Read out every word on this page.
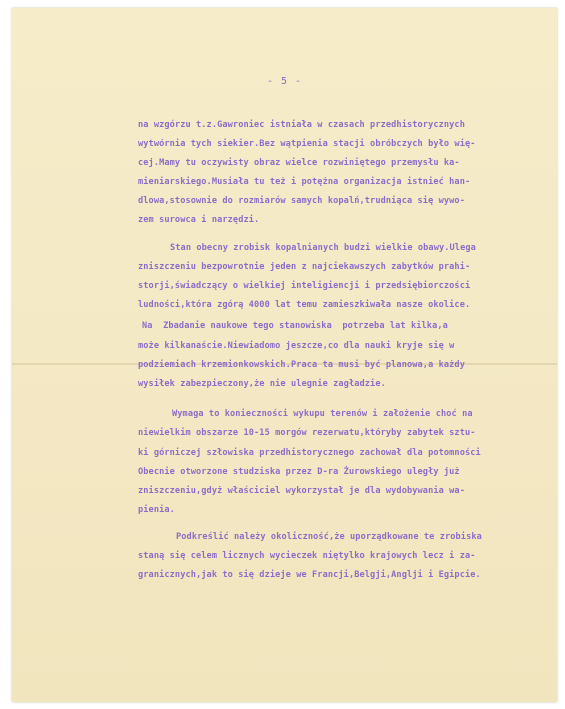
- 5 -

na wzgórzu t.z.Gawroniec istniała w czasach przedhistorycznych

wytwórnia tych siekier.Bez wątpienia stacji obróbczych było wię-

cej.Mamy tu oczywisty obraz wielce rozwiniętego przemysłu ka-

mieniarskiego.Musiała tu też i potężna organizacja istnieć han-

dlowa,stosownie do rozmiarów samych kopalń,trudniąca się wywo-

zem surowca i narzędzi.

Stan obecny zrobisk kopalnianych budzi wielkie obawy.Ulega

zniszczeniu bezpowrotnie jeden z najciekawszych zabytków prahi-

storji,świadczący o wielkiej inteligiencji i przedsiębiorczości

ludności,która zgórą 4000 lat temu zamieszkiwała nasze okolice.

Na  Zbadanie naukowe tego stanowiska  potrzeba lat kilka,a

może kilkanaście.Niewiadomo jeszcze,co dla nauki kryje się w

podziemiach krzemionkowskich.Praca ta musi być planowa,a każdy

wysiłek zabezpieczony,że nie ulegnie zagładzie.

Wymaga to konieczności wykupu terenów i założenie choć na

niewielkim obszarze 10-15 morgów rezerwatu,któryby zabytek sztu-

ki górniczej szłowiska przedhistorycznego zachował dla potomności

Obecnie otworzone studziska przez D-ra Żurowskiego uległy już

zniszczeniu,gdyż właściciel wykorzystał je dla wydobywania wa-

pienia.

Podkreślić należy okoliczność,że uporządkowane te zrobiska

staną się celem licznych wycieczek niętylko krajowych lecz i za-

granicznych,jak to się dzieje we Francji,Belgji,Anglji i Egipcie.
